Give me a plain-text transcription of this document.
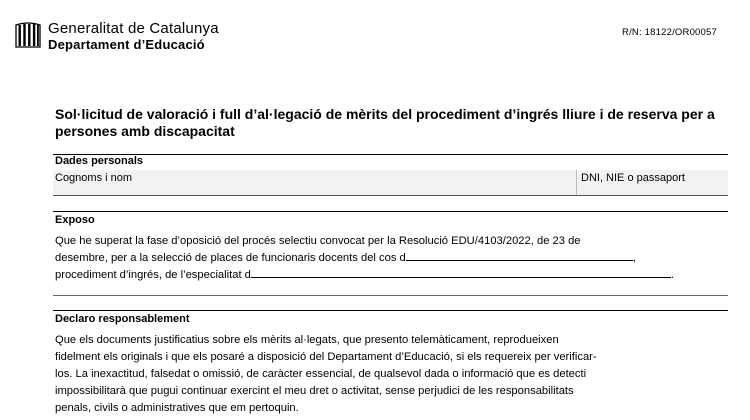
Generalitat de Catalunya
Departament d’Educació
R/N: 18122/OR00057
Sol·licitud de valoració i full d’al·legació de mèrits del procediment d’ingrés lliure i de reserva per a persones amb discapacitat
Dades personals
Cognoms i nom	DNI, NIE o passaport
Exposo
Que he superat la fase d’oposició del procés selectiu convocat per la Resolució EDU/4103/2022, de 23 de
desembre, per a la selecció de places de funcionaris docents del cos d	,
procediment d’ingrés, de l’especialitat d	.
Declaro responsablement
Que els documents justificatius sobre els mèrits al·legats, que presento telemàticament, reprodueixen
fidelment els originals i que els posaré a disposició del Departament d’Educació, si els requereix per verificar-
los. La inexactitud, falsedat o omissió, de caràcter essencial, de qualsevol dada o informació que es detecti
impossibilitarà que pugui continuar exercint el meu dret o activitat, sense perjudici de les responsabilitats
penals, civils o administratives que em pertoquin.
